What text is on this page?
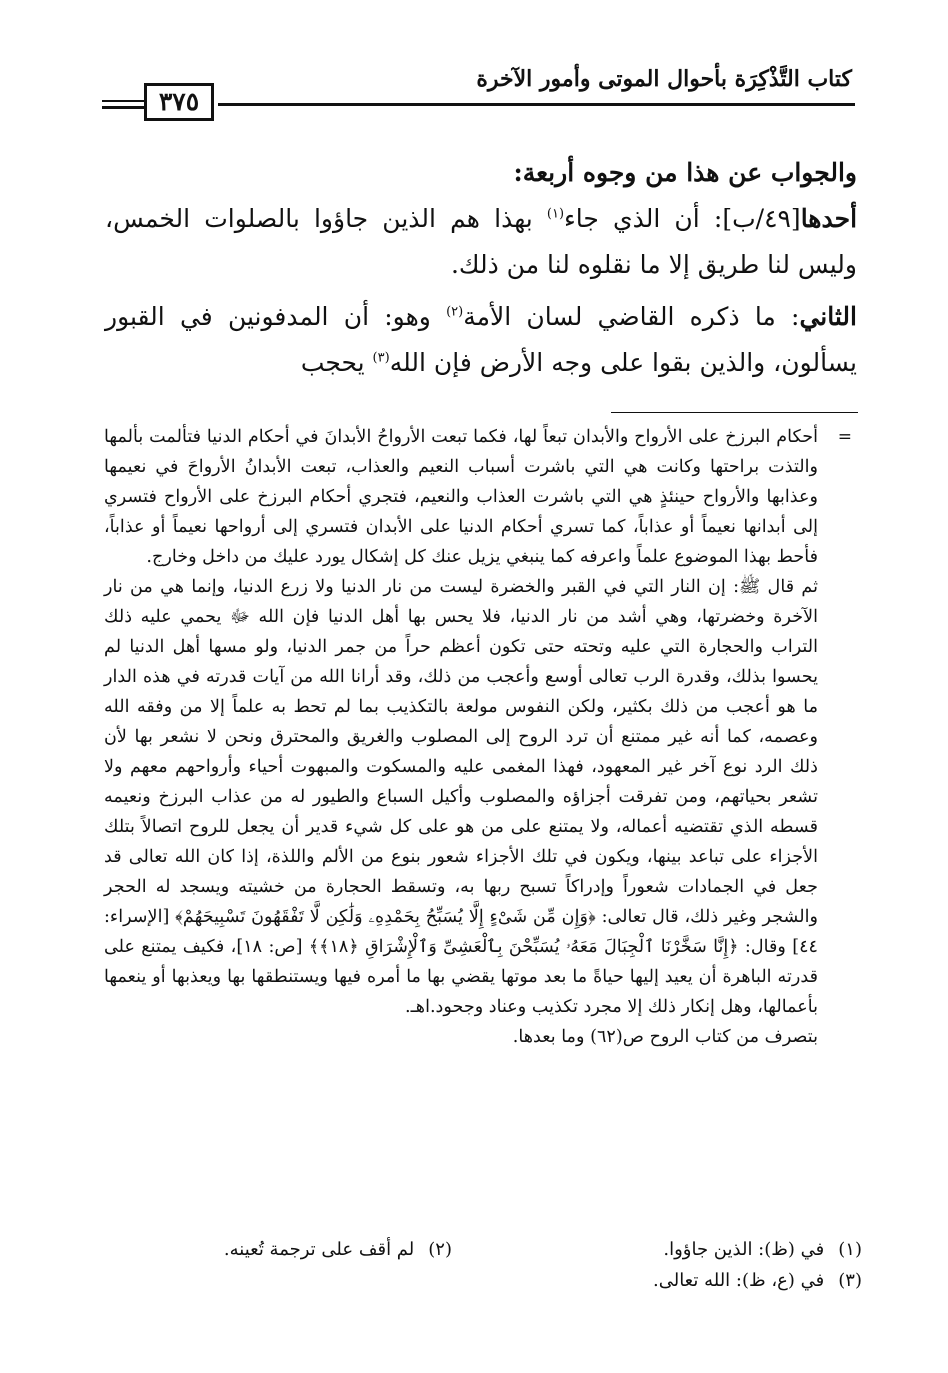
كتاب التَّذْكِرَة بأحوال الموتى وأمور الآخرة
٣٧٥

والجواب عن هذا من وجوه أربعة:

أحدها[٤٩/ب]: أن الذي جاء$^{(١)}$ بهذا هم الذين جاؤوا بالصلوات الخمس، وليس لنا طريق إلا ما نقلوه لنا من ذلك.

الثاني: ما ذكره القاضي لسان الأمة$^{(٢)}$ وهو: أن المدفونين في القبور يسألون، والذين بقوا على وجه الأرض فإن الله$^{(٣)}$ يحجب

=

أحكام البرزخ على الأرواح والأبدان تبعاً لها، فكما تبعت الأرواحُ الأبدانَ في أحكام الدنيا فتألمت بألمها والتذت براحتها وكانت هي التي باشرت أسباب النعيم والعذاب، تبعت الأبدانُ الأرواحَ في نعيمها وعذابها والأرواح حينئذٍ هي التي باشرت العذاب والنعيم، فتجري أحكام البرزخ على الأرواح فتسري إلى أبدانها نعيماً أو عذاباً، كما تسري أحكام الدنيا على الأبدان فتسري إلى أرواحها نعيماً أو عذاباً، فأحط بهذا الموضوع علماً واعرفه كما ينبغي يزيل عنك كل إشكال يورد عليك من داخل وخارج.

ثم قال ﷺ: إن النار التي في القبر والخضرة ليست من نار الدنيا ولا زرع الدنيا، وإنما هي من نار الآخرة وخضرتها، وهي أشد من نار الدنيا، فلا يحس بها أهل الدنيا فإن الله ﷻ يحمي عليه ذلك التراب والحجارة التي عليه وتحته حتى تكون أعظم حراً من جمر الدنيا، ولو مسها أهل الدنيا لم يحسوا بذلك، وقدرة الرب تعالى أوسع وأعجب من ذلك، وقد أرانا الله من آيات قدرته في هذه الدار ما هو أعجب من ذلك بكثير، ولكن النفوس مولعة بالتكذيب بما لم تحط به علماً إلا من وفقه الله وعصمه، كما أنه غير ممتنع أن ترد الروح إلى المصلوب والغريق والمحترق ونحن لا نشعر بها لأن ذلك الرد نوع آخر غير المعهود، فهذا المغمى عليه والمسكوت والمبهوت أحياء وأرواحهم معهم ولا تشعر بحياتهم، ومن تفرقت أجزاؤه والمصلوب وأكيل السباع والطيور له من عذاب البرزخ ونعيمه قسطه الذي تقتضيه أعماله، ولا يمتنع على من هو على كل شيء قدير أن يجعل للروح اتصالاً بتلك الأجزاء على تباعد بينها، ويكون في تلك الأجزاء شعور بنوع من الألم واللذة، إذا كان الله تعالى قد جعل في الجمادات شعوراً وإدراكاً تسبح ربها به، وتسقط الحجارة من خشيته ويسجد له الحجر والشجر وغير ذلك، قال تعالى: ﴿وَإِن مِّن شَىْءٍ إِلَّا يُسَبِّحُ بِحَمْدِهِۦ وَلَٰكِن لَّا تَفْقَهُونَ تَسْبِيحَهُمْ﴾ [الإسراء: ٤٤] وقال: ﴿إِنَّا سَخَّرْنَا ٱلْجِبَالَ مَعَهُۥ يُسَبِّحْنَ بِٱلْعَشِىِّ وَٱلْإِشْرَاقِ ﴿١٨﴾﴾ [ص: ١٨]، فكيف يمتنع على قدرته الباهرة أن يعيد إليها حياةً ما بعد موتها يقضي بها ما أمره فيها ويستنطقها بها ويعذبها أو ينعمها بأعمالها، وهل إنكار ذلك إلا مجرد تكذيب وعناد وجحود.اهـ.

بتصرف من كتاب الروح ص(٦٢) وما بعدها.

(١)في (ظ): الذين جاؤوا.
(٢)لم أقف على ترجمة تُعينه.
(٣)في (ع، ظ): الله تعالى.
